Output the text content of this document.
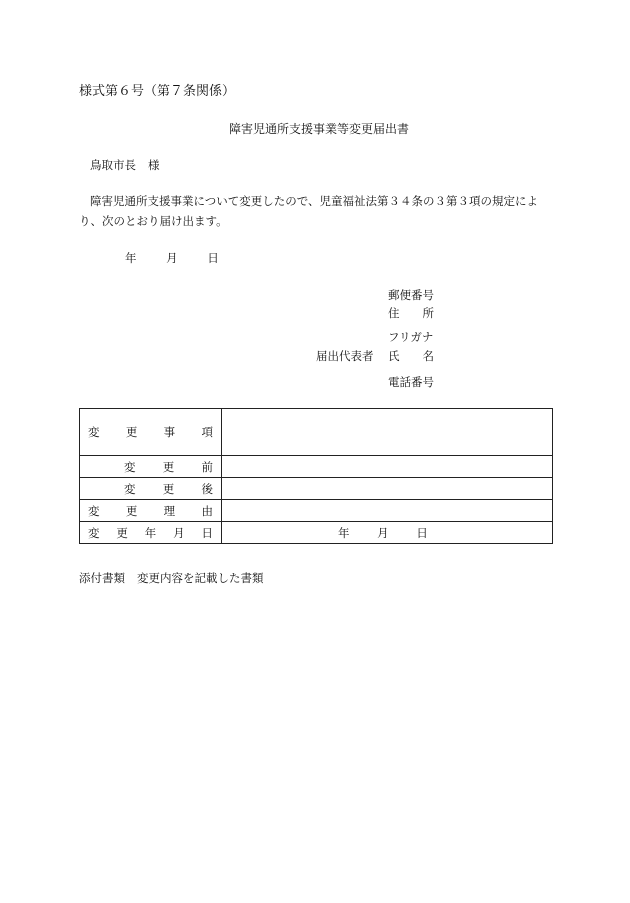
様式第６号（第７条関係）
障害児通所支援事業等変更届出書
鳥取市長 様
障害児通所支援事業について変更したので、児童福祉法第３４条の３第３項の規定によ
り、次のとおり届け出ます。
年	月	日
郵便番号
住 所
フリガナ
届出代表者 氏 名
電話番号
変 更 事 項	

変 更 前	

変 更 後	

変 更 理 由	

変 更 年 月 日	年 月 日
添付書類 変更内容を記載した書類
